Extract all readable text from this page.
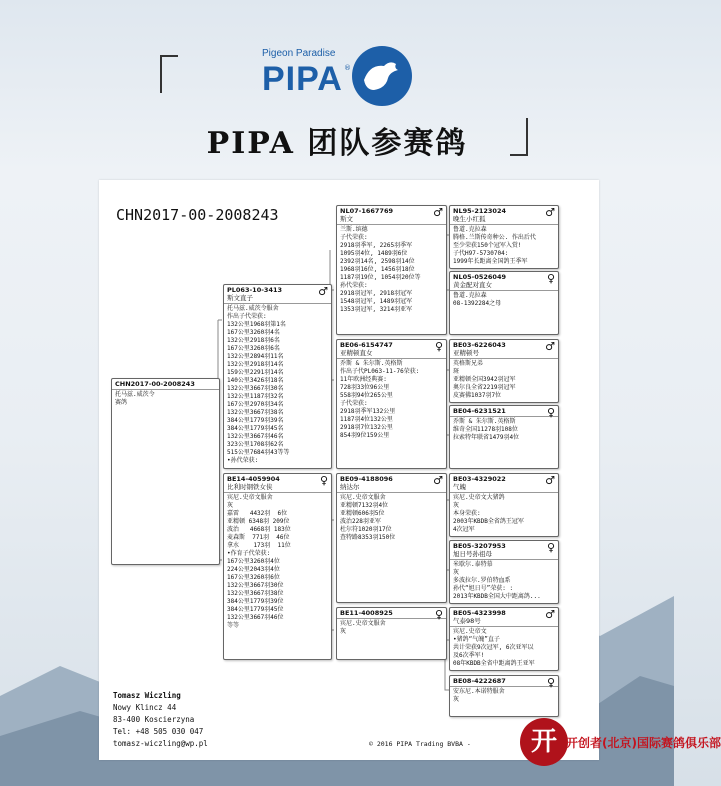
Pigeon Paradise
PIPA ®
PIPA 团队参赛鸽
CHN2017-00-2008243
CHN2017-00-2008243
托马兹.威茨令
赛鸽
PL063-10-3413	♂
斯文直子
托马兹.威茨令服舍
作出子代荣获:
132公里1968羽第1名
167公里3260羽4名
132公里2918羽6名
167公里3260羽6名
132公里2894羽11名
132公里2918羽14名
159公里2291羽14名
140公里3426羽18名
132公里3667羽30名
132公里1187羽32名
167公里2970羽34名
132公里3667羽38名
384公里1779羽39名
384公里1779羽45名
132公里3667羽46名
323公里1708羽62名
515公里7684羽43等等
•孙代荣获:
BE14-4059904	♀
比利时钢铁女侠
宾尼.史帝文服舍
灰
嘉雷   4432羽  6位
亚精顿 6348羽 209位
波治   4668羽 183位
麦森斯  771羽  46位
拿水    173羽  11位
•作育子代荣获:
167公里3260羽4位
224公里2043羽4位
167公里3260羽6位
132公里3667羽30位
132公里3667羽38位
384公里1779羽39位
384公里1779羽45位
132公里3667羽46位
等等
NL07-1667769	♂
斯文
兰斯.缤德
子代荣获:
2918羽季军, 2265羽季军
1095羽4位, 1489羽6位
2392羽14名, 2598羽14位
1968羽16位, 1456羽18位
1187羽19位, 1054羽20位等
孙代荣获:
2918羽冠军, 2918羽冠军
1548羽冠军, 1489羽冠军
1353羽冠军, 3214羽亚军
BE06-6154747	♀
亚精顿直女
乔斯 & 朱尔斯.英格斯
作出子代PL063-11-76荣获:
11年欧洲经典赛:
728羽33位96公里
558羽94位265公里
子代荣获:
2918羽季军132公里
1187羽4位132公里
2918羽7位132公里
854羽9位159公里
BE09-4188096	♂
纳达尔
宾尼.史帝文服舍
亚精顿7132羽4位
亚精顿606羽5位
波治228羽亚军
杜尔符1020羽17位
查特路8353羽150位
BE11-4008925	♀
宾尼.史帝文服舍
灰
NL95-2123024	♂
晚生小红狐
鲁道.克拉森
腾格.兰斯传奇种公. 作出后代
至少荣获150个冠军入赏!
子代H97-5730704:
1999年长距离全国鸽王季军
NL05-0526049	♀
黄金配对直女
鲁道.克拉森
08-1392284之母
BE03-6226043	♂
亚精顿号
英格斯兄弟
斑
亚精顿全国3942羽冠军
奥尔良全省2219羽冠军
皮赛佛1037羽7位
BE04-6231521	♀
乔斯 & 朱尔斯.英格斯
维奇全国11278羽108位
拉索特年联省1479羽4位
BE03-4329022	♂
气魄
宾尼.史帝文大猪鸽
灰
本身荣获:
2003年KBDB全省鸽王冠军
4次冠军
BE05-3207953	♀
旭日号孙祖母
米歇尔.泰特慕
灰
多波拉尔.罗伯特血系
孙代“旭日号”荣获: :
2013年KBDB全国大中距离鸽...
BE05-4323998	♂
气泰98号
宾尼.史帝文
•猪鸽“气魄”直子
共计荣获9次冠军, 6次亚军以
及6次季军!
08年KBDB全省中距离鸽王亚军
BE08-4222687	♀
安东尼.本诺特服舍
灰
Tomasz Wiczling
Nowy Klincz 44
83-400 Koscierzyna
Tel: +48 505 030 047
tomasz-wiczling@wp.pl	© 2016 PIPA Trading BVBA -	开 开创者(北京)国际赛鸽俱乐部
